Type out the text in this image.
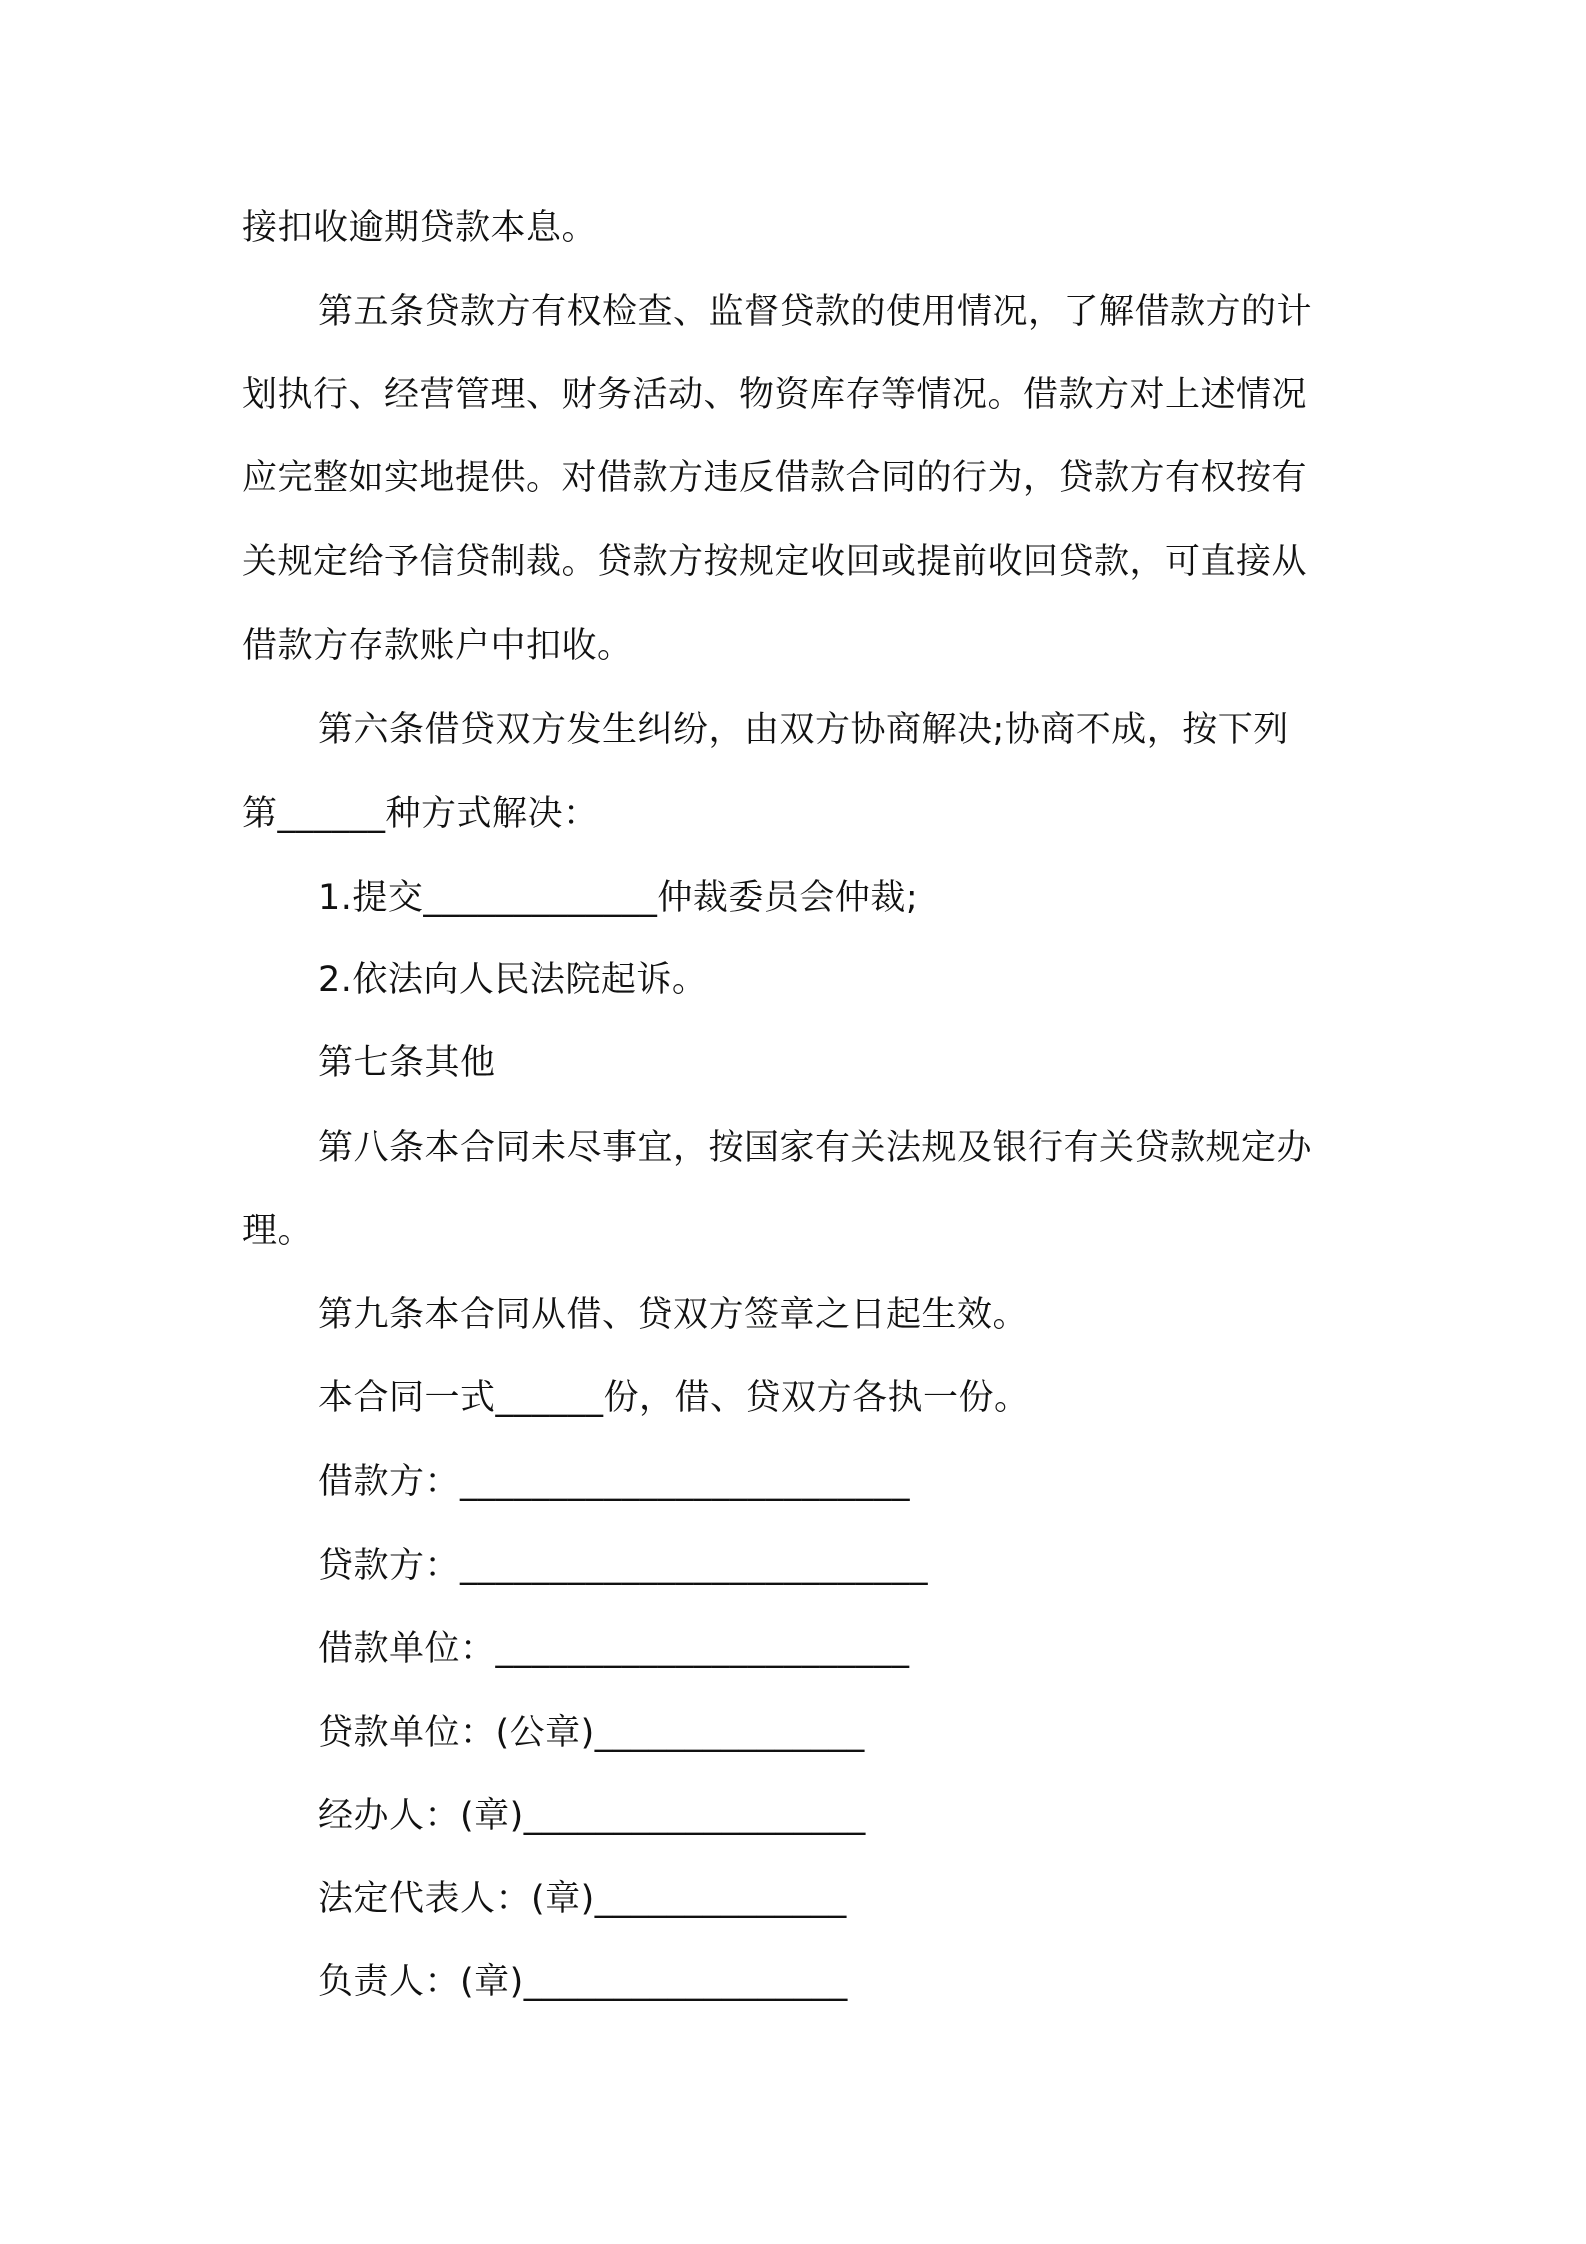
接扣收逾期贷款本息。
第五条贷款方有权检查、监督贷款的使用情况，了解借款方的计
划执行、经营管理、财务活动、物资库存等情况。借款方对上述情况
应完整如实地提供。对借款方违反借款合同的行为，贷款方有权按有
关规定给予信贷制裁。贷款方按规定收回或提前收回贷款，可直接从
借款方存款账户中扣收。
第六条借贷双方发生纠纷，由双方协商解决;协商不成，按下列
第______种方式解决：
1.提交_____________仲裁委员会仲裁;
2.依法向人民法院起诉。
第七条其他
第八条本合同未尽事宜，按国家有关法规及银行有关贷款规定办
理。
第九条本合同从借、贷双方签章之日起生效。
本合同一式______份，借、贷双方各执一份。
借款方：_________________________
贷款方：__________________________
借款单位：_______________________
贷款单位：(公章)_______________
经办人：(章)___________________
法定代表人：(章)______________
负责人：(章)__________________
